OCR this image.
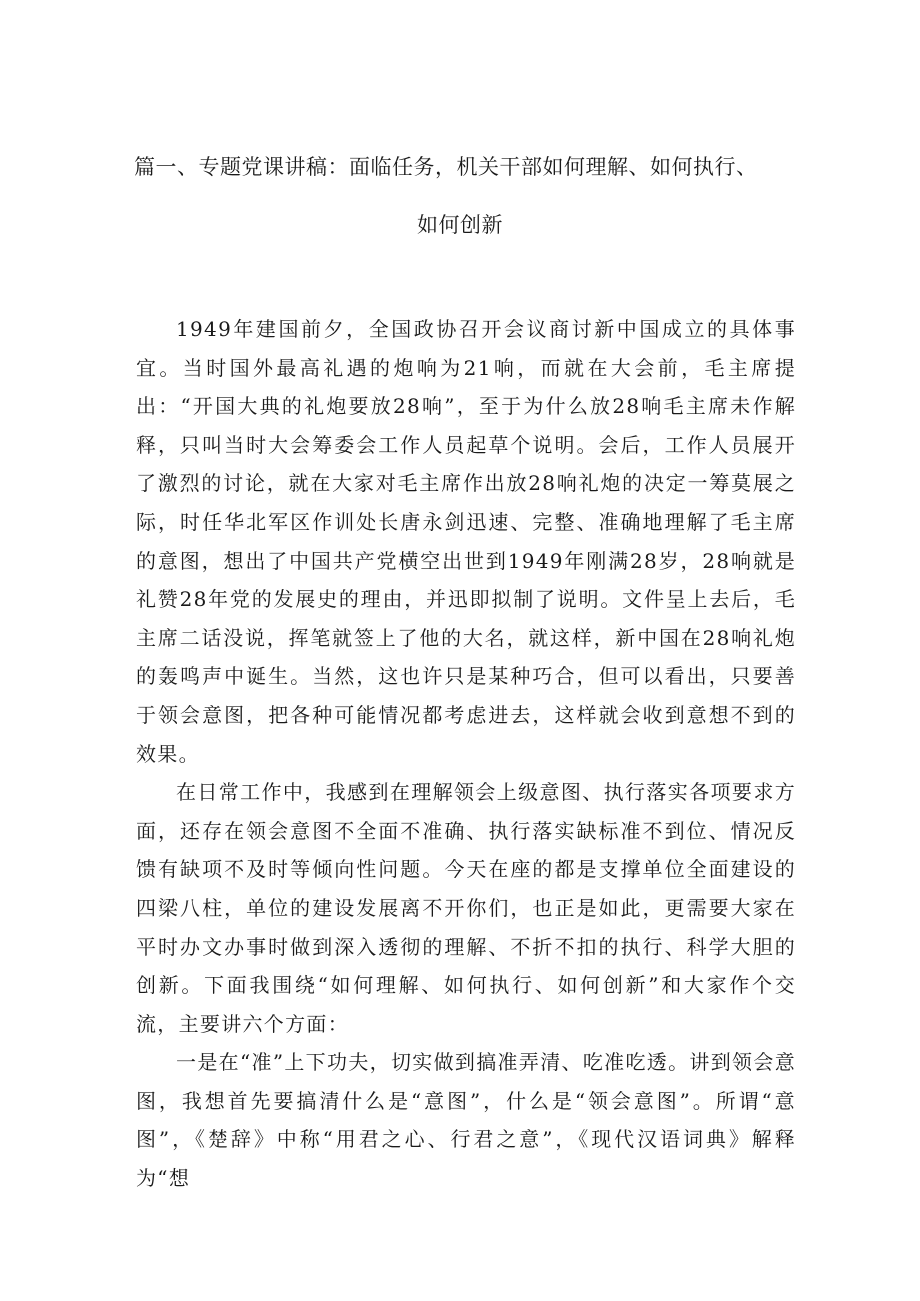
篇一、专题党课讲稿：面临任务，机关干部如何理解、如何执行、
如何创新

1949年建国前夕，全国政协召开会议商讨新中国成立的具体事宜。当时国外最高礼遇的炮响为21响，而就在大会前，毛主席提出：“开国大典的礼炮要放28响”，至于为什么放28响毛主席未作解释，只叫当时大会筹委会工作人员起草个说明。会后，工作人员展开了激烈的讨论，就在大家对毛主席作出放28响礼炮的决定一筹莫展之际，时任华北军区作训处长唐永剑迅速、完整、准确地理解了毛主席的意图，想出了中国共产党横空出世到1949年刚满28岁，28响就是礼赞28年党的发展史的理由，并迅即拟制了说明。文件呈上去后，毛主席二话没说，挥笔就签上了他的大名，就这样，新中国在28响礼炮的轰鸣声中诞生。当然，这也许只是某种巧合，但可以看出，只要善于领会意图，把各种可能情况都考虑进去，这样就会收到意想不到的效果。

在日常工作中，我感到在理解领会上级意图、执行落实各项要求方面，还存在领会意图不全面不准确、执行落实缺标准不到位、情况反馈有缺项不及时等倾向性问题。今天在座的都是支撑单位全面建设的四梁八柱，单位的建设发展离不开你们，也正是如此，更需要大家在平时办文办事时做到深入透彻的理解、不折不扣的执行、科学大胆的创新。下面我围绕“如何理解、如何执行、如何创新”和大家作个交流，主要讲六个方面：

一是在“准”上下功夫，切实做到搞准弄清、吃准吃透。讲到领会意图，我想首先要搞清什么是“意图”，什么是“领会意图”。所谓“意图”，《楚辞》中称“用君之心、行君之意”，《现代汉语词典》解释为“想
